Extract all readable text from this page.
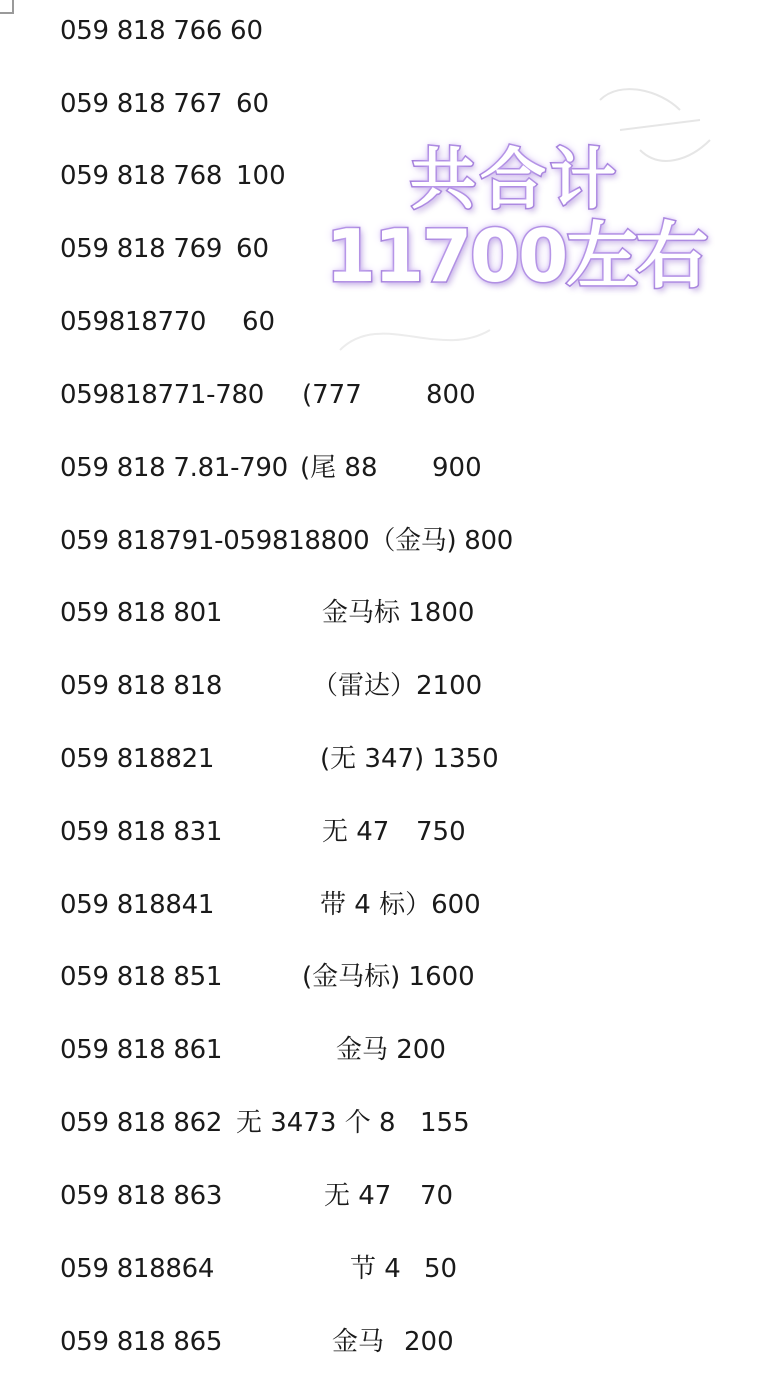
059 818 766 60
059 818 767 60
059 818 768 100
059 818 769 60
059818770 60
059818771-780 (777 800
059 818 7.81-790 (尾 88 900
059 818791-059818800（金马) 800
059 818 801	金马标 1800
059 818 818	（雷达）2100
059 818821	(无 347) 1350
059 818 831	无 47 750
059 818841	带 4 标）600
059 818 851	(金马标) 1600
059 818 861	金马 200
059 818 862 无 3473 个 8 155
059 818 863	无 47 70
059 818864	节 4 50
059 818 865	金马 200
共合计
11700左右
